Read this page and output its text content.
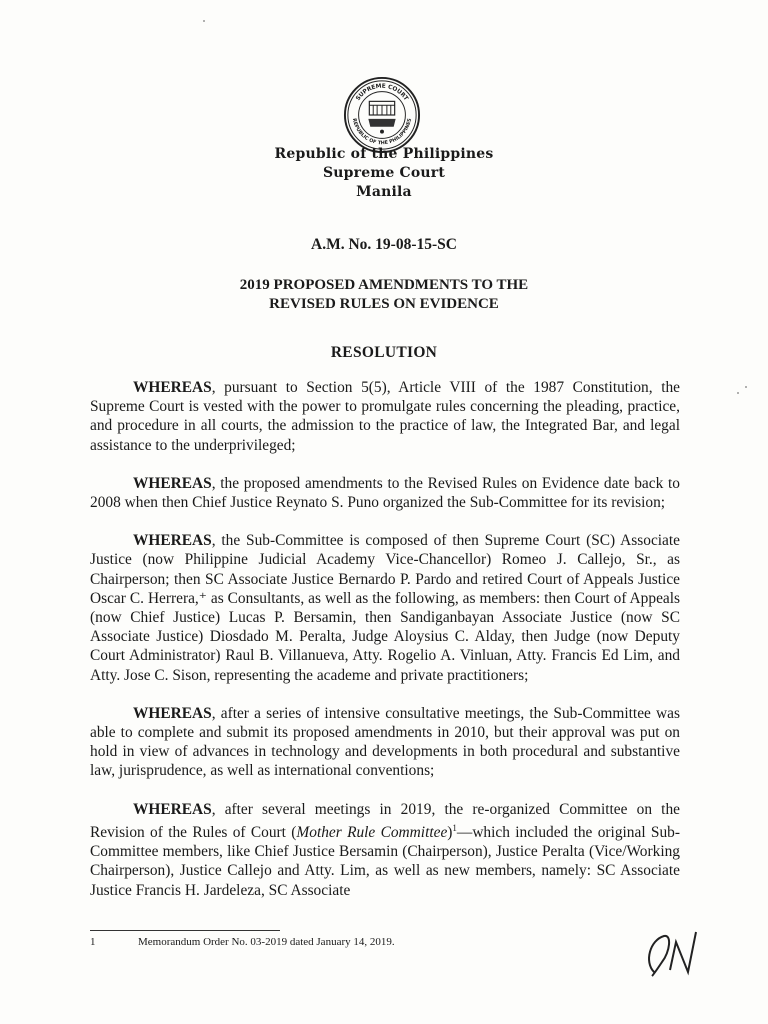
SUPREME COURT
REPUBLIC OF THE PHILIPPINES
Republic of the Philippines
Supreme Court
Manila
A.M. No. 19-08-15-SC
2019 PROPOSED AMENDMENTS TO THE
REVISED RULES ON EVIDENCE
RESOLUTION

WHEREAS, pursuant to Section 5(5), Article VIII of the 1987 Constitution, the Supreme Court is vested with the power to promulgate rules concerning the pleading, practice, and procedure in all courts, the admission to the practice of law, the Integrated Bar, and legal assistance to the underprivileged;

WHEREAS, the proposed amendments to the Revised Rules on Evidence date back to 2008 when then Chief Justice Reynato S. Puno organized the Sub-Committee for its revision;

WHEREAS, the Sub-Committee is composed of then Supreme Court (SC) Associate Justice (now Philippine Judicial Academy Vice-Chancellor) Romeo J. Callejo, Sr., as Chairperson; then SC Associate Justice Bernardo P. Pardo and retired Court of Appeals Justice Oscar C. Herrera,⁺ as Consultants, as well as the following, as members: then Court of Appeals (now Chief Justice) Lucas P. Bersamin, then Sandiganbayan Associate Justice (now SC Associate Justice) Diosdado M. Peralta, Judge Aloysius C. Alday, then Judge (now Deputy Court Administrator) Raul B. Villanueva, Atty. Rogelio A. Vinluan, Atty. Francis Ed Lim, and Atty. Jose C. Sison, representing the academe and private practitioners;

WHEREAS, after a series of intensive consultative meetings, the Sub-Committee was able to complete and submit its proposed amendments in 2010, but their approval was put on hold in view of advances in technology and developments in both procedural and substantive law, jurisprudence, as well as international conventions;

WHEREAS, after several meetings in 2019, the re-organized Committee on the Revision of the Rules of Court (Mother Rule Committee)$^1$—which included the original Sub-Committee members, like Chief Justice Bersamin (Chairperson), Justice Peralta (Vice/Working Chairperson), Justice Callejo and Atty. Lim, as well as new members, namely: SC Associate Justice Francis H. Jardeleza, SC Associate

1	Memorandum Order No. 03-2019 dated January 14, 2019.
